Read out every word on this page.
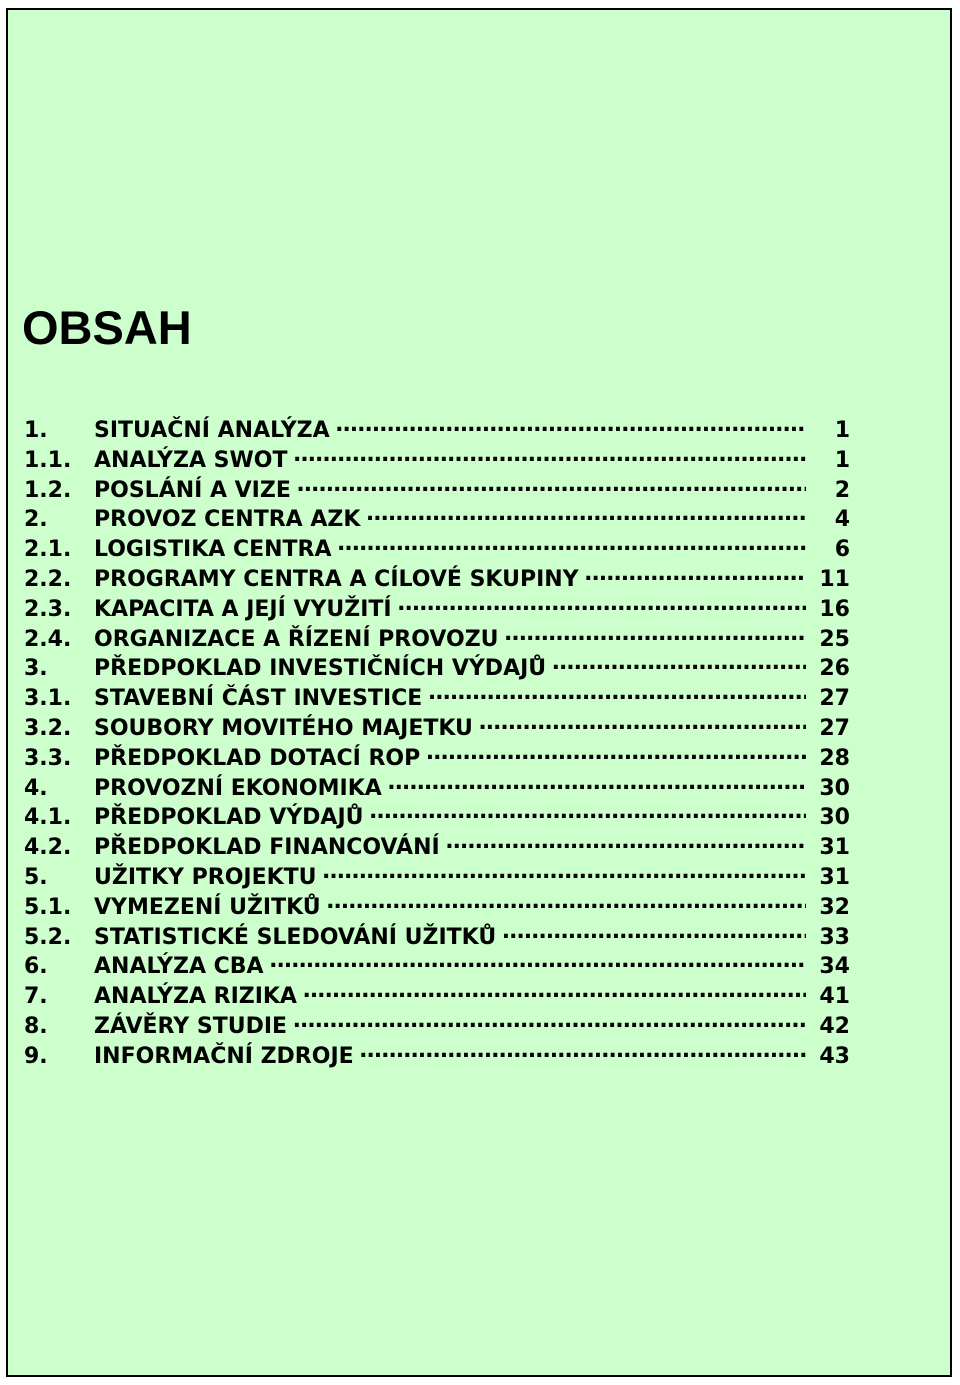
OBSAH
1.	SITUAČNÍ ANALÝZA ……………………………………………………………………………………………………………	1
1.1.	ANALÝZA SWOT ……………………………………………………………………………………………………………	1
1.2.	POSLÁNÍ A VIZE ……………………………………………………………………………………………………………	2
2.	PROVOZ CENTRA AZK ……………………………………………………………………………………………………………	4
2.1.	LOGISTIKA CENTRA ……………………………………………………………………………………………………………	6
2.2.	PROGRAMY CENTRA A CÍLOVÉ SKUPINY ……………………………………………………………………………………………………………	11
2.3.	KAPACITA A JEJÍ VYUŽITÍ ……………………………………………………………………………………………………………	16
2.4.	ORGANIZACE A ŘÍZENÍ PROVOZU ……………………………………………………………………………………………………………	25
3.	PŘEDPOKLAD INVESTIČNÍCH VÝDAJŮ ……………………………………………………………………………………………………………	26
3.1.	STAVEBNÍ ČÁST INVESTICE ……………………………………………………………………………………………………………	27
3.2.	SOUBORY MOVITÉHO MAJETKU ……………………………………………………………………………………………………………	27
3.3.	PŘEDPOKLAD DOTACÍ ROP ……………………………………………………………………………………………………………	28
4.	PROVOZNÍ EKONOMIKA ……………………………………………………………………………………………………………	30
4.1.	PŘEDPOKLAD VÝDAJŮ ……………………………………………………………………………………………………………	30
4.2.	PŘEDPOKLAD FINANCOVÁNÍ ……………………………………………………………………………………………………………	31
5.	UŽITKY PROJEKTU ……………………………………………………………………………………………………………	31
5.1.	VYMEZENÍ UŽITKŮ ……………………………………………………………………………………………………………	32
5.2.	STATISTICKÉ SLEDOVÁNÍ UŽITKŮ ……………………………………………………………………………………………………………	33
6.	ANALÝZA CBA ……………………………………………………………………………………………………………	34
7.	ANALÝZA RIZIKA ……………………………………………………………………………………………………………	41
8.	ZÁVĚRY STUDIE ……………………………………………………………………………………………………………	42
9.	INFORMAČNÍ ZDROJE ……………………………………………………………………………………………………………	43
